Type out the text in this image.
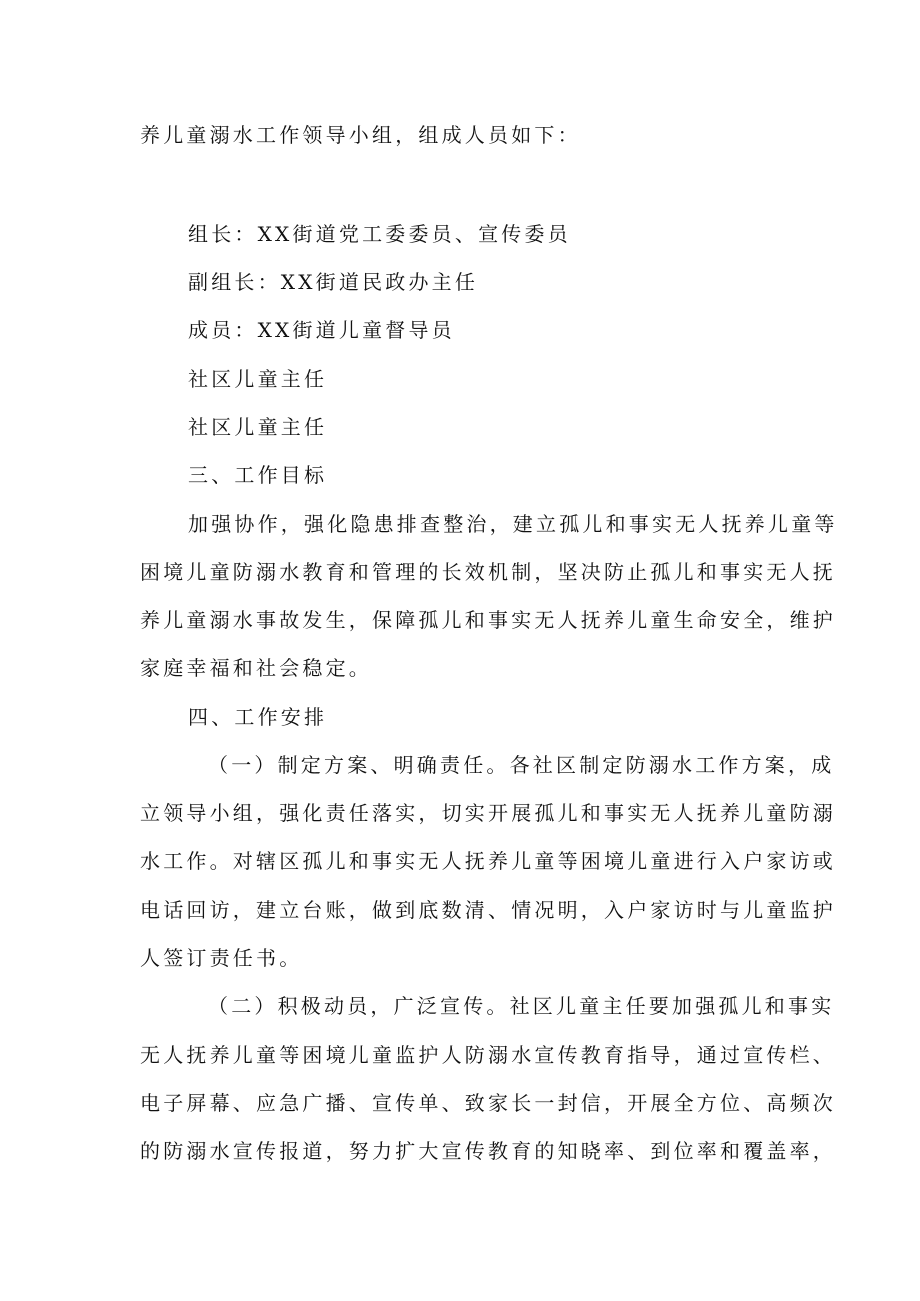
养儿童溺水工作领导小组，组成人员如下：

组长：XX街道党工委委员、宣传委员

副组长：XX街道民政办主任

成员：XX街道儿童督导员

社区儿童主任

社区儿童主任

三、工作目标

加强协作，强化隐患排查整治，建立孤儿和事实无人抚养儿童等

困境儿童防溺水教育和管理的长效机制，坚决防止孤儿和事实无人抚

养儿童溺水事故发生，保障孤儿和事实无人抚养儿童生命安全，维护

家庭幸福和社会稳定。

四、工作安排

（一）制定方案、明确责任。各社区制定防溺水工作方案，成

立领导小组，强化责任落实，切实开展孤儿和事实无人抚养儿童防溺

水工作。对辖区孤儿和事实无人抚养儿童等困境儿童进行入户家访或

电话回访，建立台账，做到底数清、情况明，入户家访时与儿童监护

人签订责任书。

（二）积极动员，广泛宣传。社区儿童主任要加强孤儿和事实

无人抚养儿童等困境儿童监护人防溺水宣传教育指导，通过宣传栏、

电子屏幕、应急广播、宣传单、致家长一封信，开展全方位、高频次

的防溺水宣传报道，努力扩大宣传教育的知晓率、到位率和覆盖率，
